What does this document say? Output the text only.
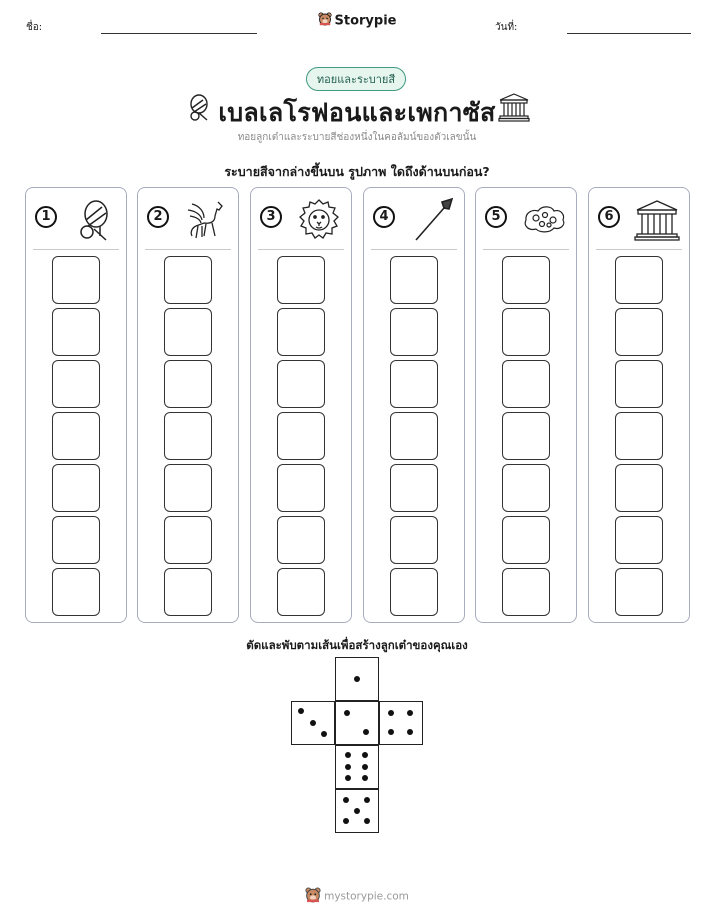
ชื่อ:	Storypie	วันที่:
ทอยและระบายสี
เบลเลโรฟอนและเพกาซัส
ทอยลูกเต๋าและระบายสีช่องหนึ่งในคอลัมน์ของตัวเลขนั้น
ระบายสีจากล่างขึ้นบน รูปภาพ ใดถึงด้านบนก่อน?
1	2	3	4	5	6
ตัดและพับตามเส้นเพื่อสร้างลูกเต๋าของคุณเอง
mystorypie.com
